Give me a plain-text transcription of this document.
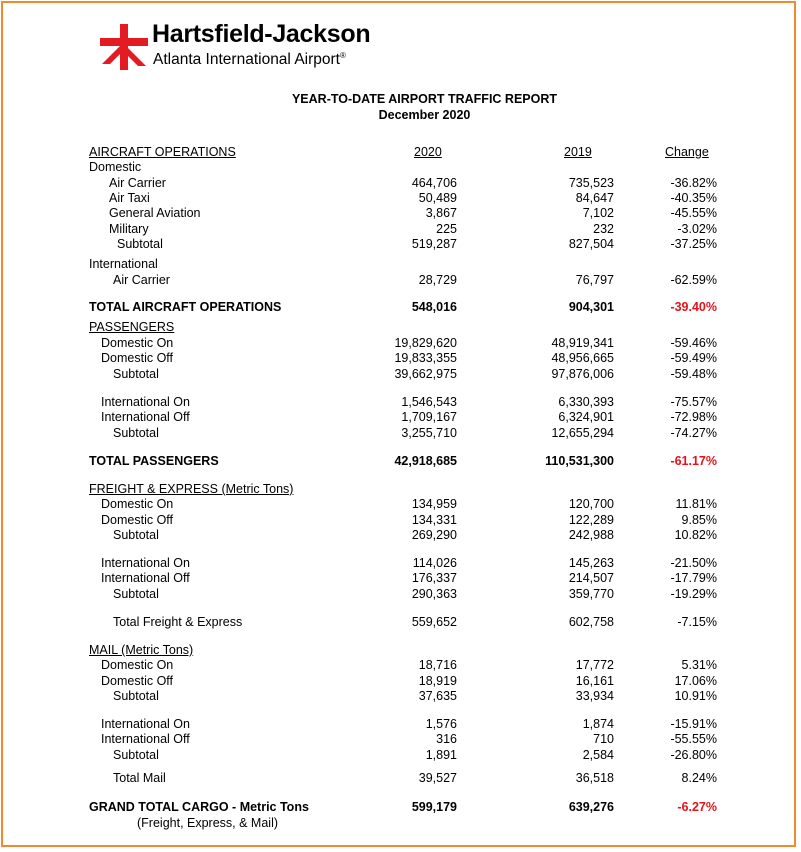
Hartsfield-Jackson
Atlanta International Airport®
YEAR-TO-DATE AIRPORT TRAFFIC REPORT
December 2020
AIRCRAFT OPERATIONS	2020	2019	Change
Domestic
Air Carrier	464,706	735,523	-36.82%
Air Taxi	50,489	84,647	-40.35%
General Aviation	3,867	7,102	-45.55%
Military	225	232	-3.02%
Subtotal	519,287	827,504	-37.25%
International
Air Carrier	28,729	76,797	-62.59%
TOTAL AIRCRAFT OPERATIONS	548,016	904,301	-39.40%
PASSENGERS
Domestic On	19,829,620	48,919,341	-59.46%
Domestic Off	19,833,355	48,956,665	-59.49%
Subtotal	39,662,975	97,876,006	-59.48%
International On	1,546,543	6,330,393	-75.57%
International Off	1,709,167	6,324,901	-72.98%
Subtotal	3,255,710	12,655,294	-74.27%
TOTAL PASSENGERS	42,918,685	110,531,300	-61.17%
FREIGHT & EXPRESS (Metric Tons)
Domestic On	134,959	120,700	11.81%
Domestic Off	134,331	122,289	9.85%
Subtotal	269,290	242,988	10.82%
International On	114,026	145,263	-21.50%
International Off	176,337	214,507	-17.79%
Subtotal	290,363	359,770	-19.29%
Total Freight & Express	559,652	602,758	-7.15%
MAIL (Metric Tons)
Domestic On	18,716	17,772	5.31%
Domestic Off	18,919	16,161	17.06%
Subtotal	37,635	33,934	10.91%
International On	1,576	1,874	-15.91%
International Off	316	710	-55.55%
Subtotal	1,891	2,584	-26.80%
Total Mail	39,527	36,518	8.24%
GRAND TOTAL CARGO - Metric Tons	599,179	639,276	-6.27%
(Freight, Express, & Mail)
